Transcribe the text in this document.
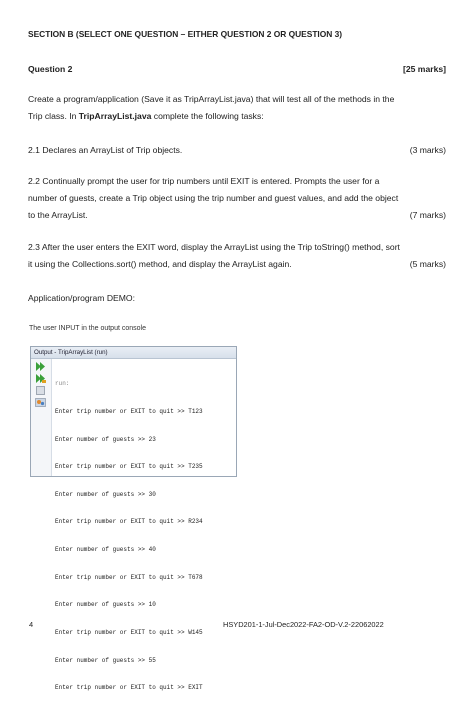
SECTION B (SELECT ONE QUESTION – EITHER QUESTION 2 OR QUESTION 3)
Question 2	[25 marks]
Create a program/application (Save it as TripArrayList.java) that will test all of the methods in the
Trip class. In TripArrayList.java complete the following tasks:
2.1 Declares an ArrayList of Trip objects.	(3 marks)
2.2 Continually prompt the user for trip numbers until EXIT is entered. Prompts the user for a
number of guests, create a Trip object using the trip number and guest values, and add the object
to the ArrayList.	(7 marks)
2.3 After the user enters the EXIT word, display the ArrayList using the Trip toString() method, sort
it using the Collections.sort() method, and display the ArrayList again.	(5 marks)
Application/program DEMO:
The user INPUT in the output console
Output - TripArrayList (run)

run:

Enter trip number or EXIT to quit >> T123

Enter number of guests >> 23

Enter trip number or EXIT to quit >> T235

Enter number of guests >> 30

Enter trip number or EXIT to quit >> R234

Enter number of guests >> 40

Enter trip number or EXIT to quit >> T678

Enter number of guests >> 10

Enter trip number or EXIT to quit >> W145

Enter number of guests >> 55

Enter trip number or EXIT to quit >> EXIT

4	HSYD201-1-Jul-Dec2022-FA2-OD-V.2-22062022
